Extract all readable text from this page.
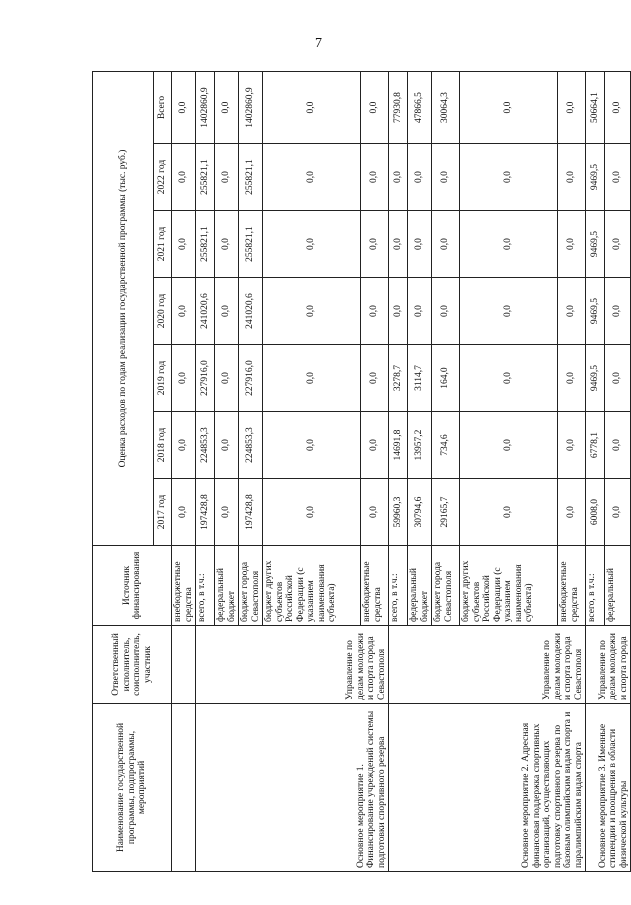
7
Наименование государственной программы, подпрограммы, мероприятий	Ответственный исполнитель, соисполнитель, участник	Источник финансирования	Оценка расходов по годам реализации государственной программы (тыс. руб.)						
			2017 год	2018 год	2019 год	2020 год	2021 год	2022 год	Всего
		внебюджетные средства	0,0	0,0	0,0	0,0	0,0	0,0	0,0
Основное мероприятие 1. Финансирование учреждений системы подготовки спортивного резерва	Управление по делам молодежи и спорта города Севастополя	всего, в т.ч.:	197428,8	224853,3	227916,0	241020,6	255821,1	255821,1	1402860,9
		федеральный бюджет	0,0	0,0	0,0	0,0	0,0	0,0	0,0
		бюджет города Севастополя	197428,8	224853,3	227916,0	241020,6	255821,1	255821,1	1402860,9
		бюджет других субъектов Российской Федерации (с указанием наименования субъекта)	0,0	0,0	0,0	0,0	0,0	0,0	0,0
		внебюджетные средства	0,0	0,0	0,0	0,0	0,0	0,0	0,0
Основное мероприятие 2. Адресная финансовая поддержка спортивных организаций, осуществляющих подготовку спортивного резерва по базовым олимпийским видам спорта и паралимпийским видам спорта	Управление по делам молодежи и спорта города Севастополя	всего, в т.ч.:	59960,3	14691,8	3278,7	0,0	0,0	0,0	77930,8
		федеральный бюджет	30794,6	13957,2	3114,7	0,0	0,0	0,0	47866,5
		бюджет города Севастополя	29165,7	734,6	164,0	0,0	0,0	0,0	30064,3
		бюджет других субъектов Российской Федерации (с указанием наименования субъекта)	0,0	0,0	0,0	0,0	0,0	0,0	0,0
		внебюджетные средства	0,0	0,0	0,0	0,0	0,0	0,0	0,0
Основное мероприятие 3. Именные стипендии и поощрения в области физической культуры	Управление по делам молодежи и спорта города	всего, в т.ч.:	6008,0	6778,1	9469,5	9469,5	9469,5	9469,5	50664,1
		федеральный	0,0	0,0	0,0	0,0	0,0	0,0	0,0
